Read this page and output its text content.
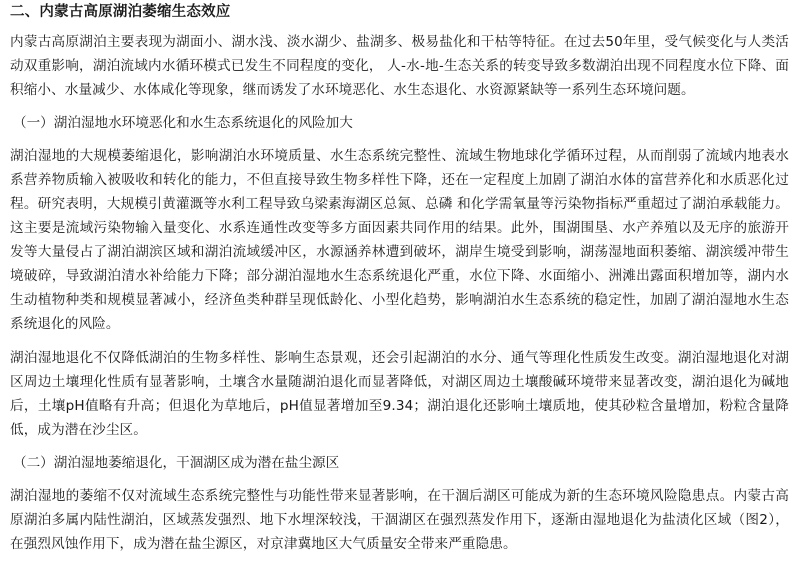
二、内蒙古高原湖泊萎缩生态效应

内蒙古高原湖泊主要表现为湖面小、湖水浅、淡水湖少、盐湖多、极易盐化和干枯等特征。在过去50年里，受气候变化与人类活动双重影响，湖泊流域内水循环模式已发生不同程度的变化， 人-水-地-生态关系的转变导致多数湖泊出现不同程度水位下降、面积缩小、水量减少、水体咸化等现象，继而诱发了水环境恶化、水生态退化、水资源紧缺等一系列生态环境问题。

（一）湖泊湿地水环境恶化和水生态系统退化的风险加大

湖泊湿地的大规模萎缩退化，影响湖泊水环境质量、水生态系统完整性、流域生物地球化学循环过程，从而削弱了流域内地表水系营养物质输入被吸收和转化的能力，不但直接导致生物多样性下降，还在一定程度上加剧了湖泊水体的富营养化和水质恶化过程。研究表明，大规模引黄灌溉等水利工程导致乌梁素海湖区总氮、总磷 和化学需氧量等污染物指标严重超过了湖泊承载能力。这主要是流域污染物输入量变化、水系连通性改变等多方面因素共同作用的结果。此外，围湖围垦、水产养殖以及无序的旅游开发等大量侵占了湖泊湖滨区域和湖泊流域缓冲区，水源涵养林遭到破坏，湖岸生境受到影响，湖荡湿地面积萎缩、湖滨缓冲带生境破碎，导致湖泊清水补给能力下降；部分湖泊湿地水生态系统退化严重，水位下降、水面缩小、洲滩出露面积增加等，湖内水生动植物种类和规模显著减小，经济鱼类种群呈现低龄化、小型化趋势，影响湖泊水生态系统的稳定性，加剧了湖泊湿地水生态系统退化的风险。

湖泊湿地退化不仅降低湖泊的生物多样性、影响生态景观，还会引起湖泊的水分、通气等理化性质发生改变。湖泊湿地退化对湖区周边土壤理化性质有显著影响，土壤含水量随湖泊退化而显著降低，对湖区周边土壤酸碱环境带来显著改变，湖泊退化为碱地后，土壤pH值略有升高；但退化为草地后，pH值显著增加至9.34；湖泊退化还影响土壤质地，使其砂粒含量增加，粉粒含量降低，成为潜在沙尘区。

（二）湖泊湿地萎缩退化，干涸湖区成为潜在盐尘源区

湖泊湿地的萎缩不仅对流域生态系统完整性与功能性带来显著影响，在干涸后湖区可能成为新的生态环境风险隐患点。内蒙古高原湖泊多属内陆性湖泊，区域蒸发强烈、地下水埋深较浅，干涸湖区在强烈蒸发作用下，逐渐由湿地退化为盐渍化区域（图2），在强烈风蚀作用下，成为潜在盐尘源区，对京津冀地区大气质量安全带来严重隐患。
